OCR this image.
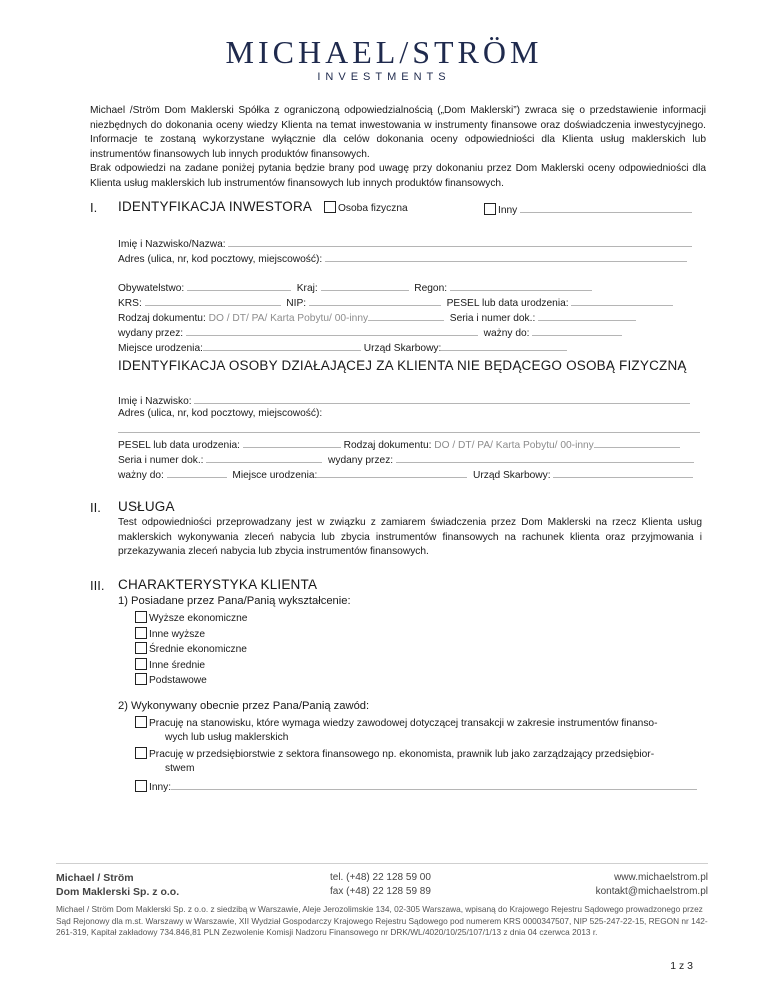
MICHAEL/STRÖM
INVESTMENTS

Michael /Ström Dom Maklerski Spółka z ograniczoną odpowiedzialnością („Dom Maklerski”) zwraca się o przedstawienie informacji niezbędnych do dokonania oceny wiedzy Klienta na temat inwestowania w instrumenty finansowe oraz doświadczenia inwestycyjnego. Informacje te zostaną wykorzystane wyłącznie dla celów dokonania oceny odpowiedniości dla Klienta usług maklerskich lub instrumentów finansowych lub innych produktów finansowych.

Brak odpowiedzi na zadane poniżej pytania będzie brany pod uwagę przy dokonaniu przez Dom Maklerski oceny odpowiedniości dla Klienta usług maklerskich lub instrumentów finansowych lub innych produktów finansowych.

I. IDENTYFIKACJA INWESTORA	Osoba fizyczna	Inny
Imię i Nazwisko/Nazwa:
Adres (ulica, nr, kod pocztowy, miejscowość):
Obywatelstwo:	Kraj:	Regon:
KRS:	NIP:	PESEL lub data urodzenia:
Rodzaj dokumentu: DO / DT/ PA/ Karta Pobytu/ 00-inny	Seria i numer dok.:
wydany przez:	ważny do:
Miejsce urodzenia:	Urząd Skarbowy:
IDENTYFIKACJA OSOBY DZIAŁAJĄCEJ ZA KLIENTA NIE BĘDĄCEGO OSOBĄ FIZYCZNĄ
Imię i Nazwisko:
Adres (ulica, nr, kod pocztowy, miejscowość):
PESEL lub data urodzenia:	Rodzaj dokumentu: DO / DT/ PA/ Karta Pobytu/ 00-inny
Seria i numer dok.:	wydany przez:
ważny do:	Miejsce urodzenia:	Urząd Skarbowy:
II. USŁUGA
Test odpowiedniości przeprowadzany jest w związku z zamiarem świadczenia przez Dom Maklerski na rzecz Klienta usług maklerskich wykonywania zleceń nabycia lub zbycia instrumentów finansowych na rachunek klienta oraz przyjmowania i przekazywania zleceń nabycia lub zbycia instrumentów finansowych.
III. CHARAKTERYSTYKA KLIENTA
1) Posiadane przez Pana/Panią wykształcenie:
Wyższe ekonomiczne
Inne wyższe
Średnie ekonomiczne
Inne średnie
Podstawowe
2) Wykonywany obecnie przez Pana/Panią zawód:
Pracuję na stanowisku, które wymaga wiedzy zawodowej dotyczącej transakcji w zakresie instrumentów finanso-
wych lub usług maklerskich
Pracuję w przedsiębiorstwie z sektora finansowego np. ekonomista, prawnik lub jako zarządzający przedsiębior-
stwem
Inny:
Michael / Ström
Dom Maklerski Sp. z o.o.
tel. (+48) 22 128 59 00
fax (+48) 22 128 59 89
www.michaelstrom.pl
kontakt@michaelstrom.pl
Michael / Ström Dom Maklerski Sp. z o.o. z siedzibą w Warszawie, Aleje Jerozolimskie 134, 02-305 Warszawa, wpisaną do Krajowego Rejestru Sądowego prowadzonego przez Sąd Rejonowy dla m.st. Warszawy w Warszawie, XII Wydział Gospodarczy Krajowego Rejestru Sądowego pod numerem KRS 0000347507, NIP 525-247-22-15, REGON nr 142-261-319, Kapitał zakładowy 734.846,81 PLN Zezwolenie Komisji Nadzoru Finansowego nr DRK/WL/4020/10/25/107/1/13 z dnia 04 czerwca 2013 r.
1 z 3
